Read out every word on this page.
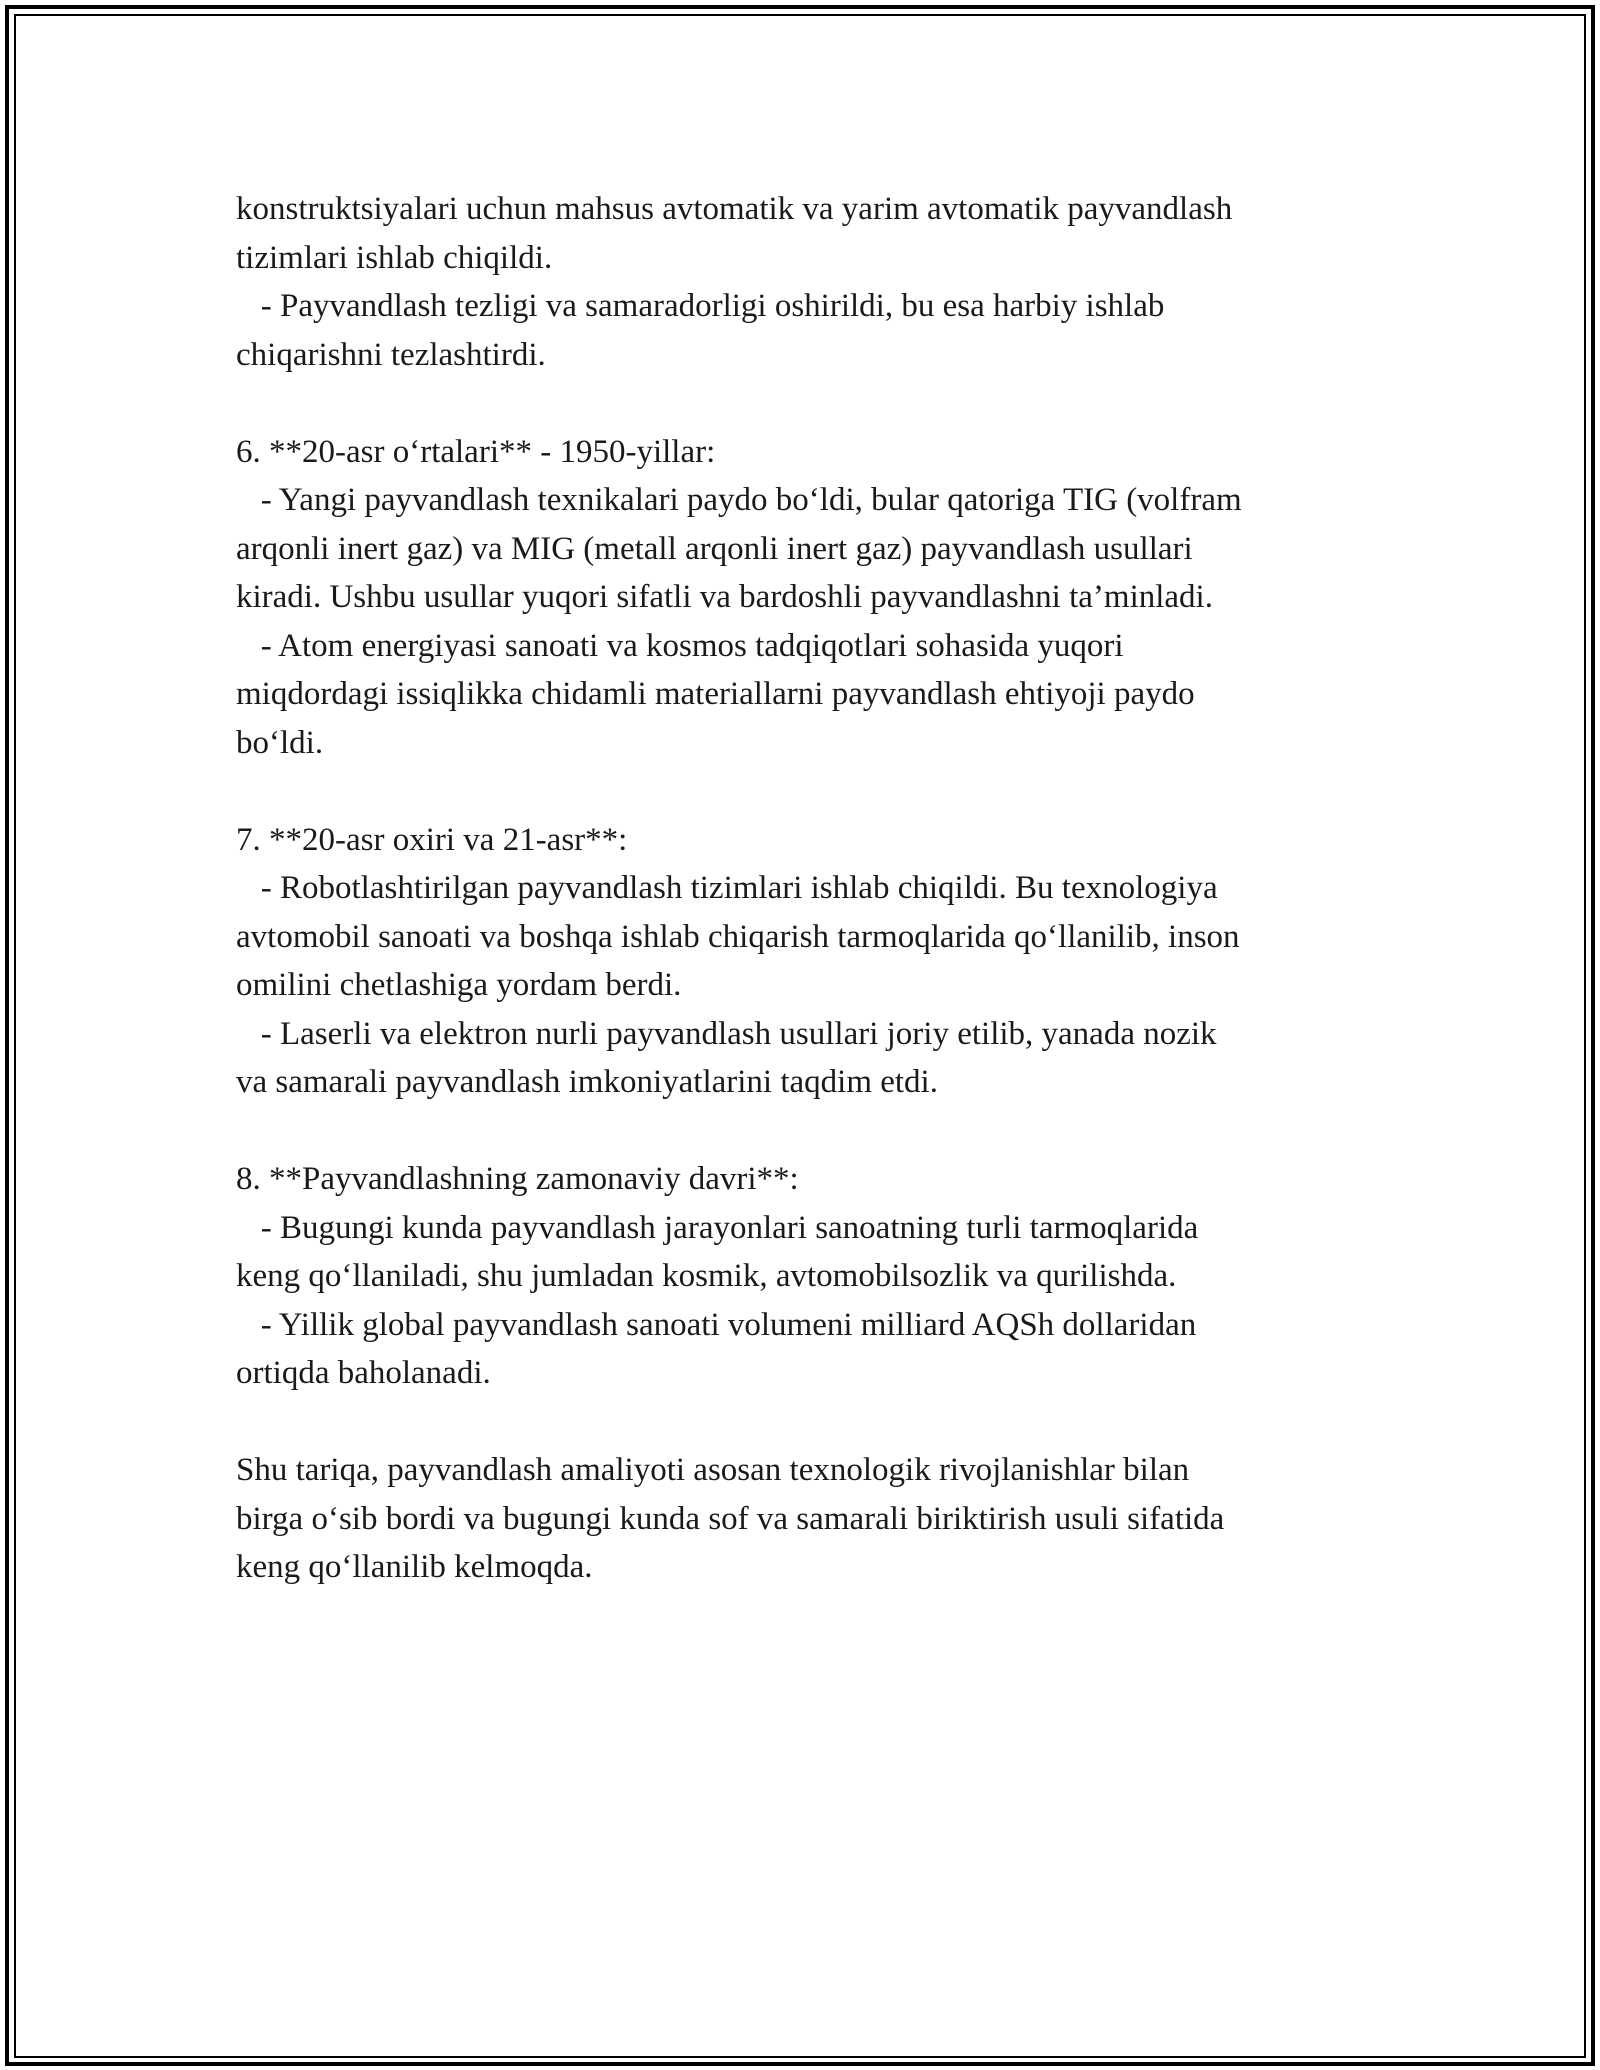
konstruktsiyalari uchun mahsus avtomatik va yarim avtomatik payvandlash
tizimlari ishlab chiqildi.
- Payvandlash tezligi va samaradorligi oshirildi, bu esa harbiy ishlab
chiqarishni tezlashtirdi.
6. **20-asr o‘rtalari** - 1950-yillar:
- Yangi payvandlash texnikalari paydo bo‘ldi, bular qatoriga TIG (volfram
arqonli inert gaz) va MIG (metall arqonli inert gaz) payvandlash usullari
kiradi. Ushbu usullar yuqori sifatli va bardoshli payvandlashni ta’minladi.
- Atom energiyasi sanoati va kosmos tadqiqotlari sohasida yuqori
miqdordagi issiqlikka chidamli materiallarni payvandlash ehtiyoji paydo
bo‘ldi.
7. **20-asr oxiri va 21-asr**:
- Robotlashtirilgan payvandlash tizimlari ishlab chiqildi. Bu texnologiya
avtomobil sanoati va boshqa ishlab chiqarish tarmoqlarida qo‘llanilib, inson
omilini chetlashiga yordam berdi.
- Laserli va elektron nurli payvandlash usullari joriy etilib, yanada nozik
va samarali payvandlash imkoniyatlarini taqdim etdi.
8. **Payvandlashning zamonaviy davri**:
- Bugungi kunda payvandlash jarayonlari sanoatning turli tarmoqlarida
keng qo‘llaniladi, shu jumladan kosmik, avtomobilsozlik va qurilishda.
- Yillik global payvandlash sanoati volumeni milliard AQSh dollaridan
ortiqda baholanadi.
Shu tariqa, payvandlash amaliyoti asosan texnologik rivojlanishlar bilan
birga o‘sib bordi va bugungi kunda sof va samarali biriktirish usuli sifatida
keng qo‘llanilib kelmoqda.
